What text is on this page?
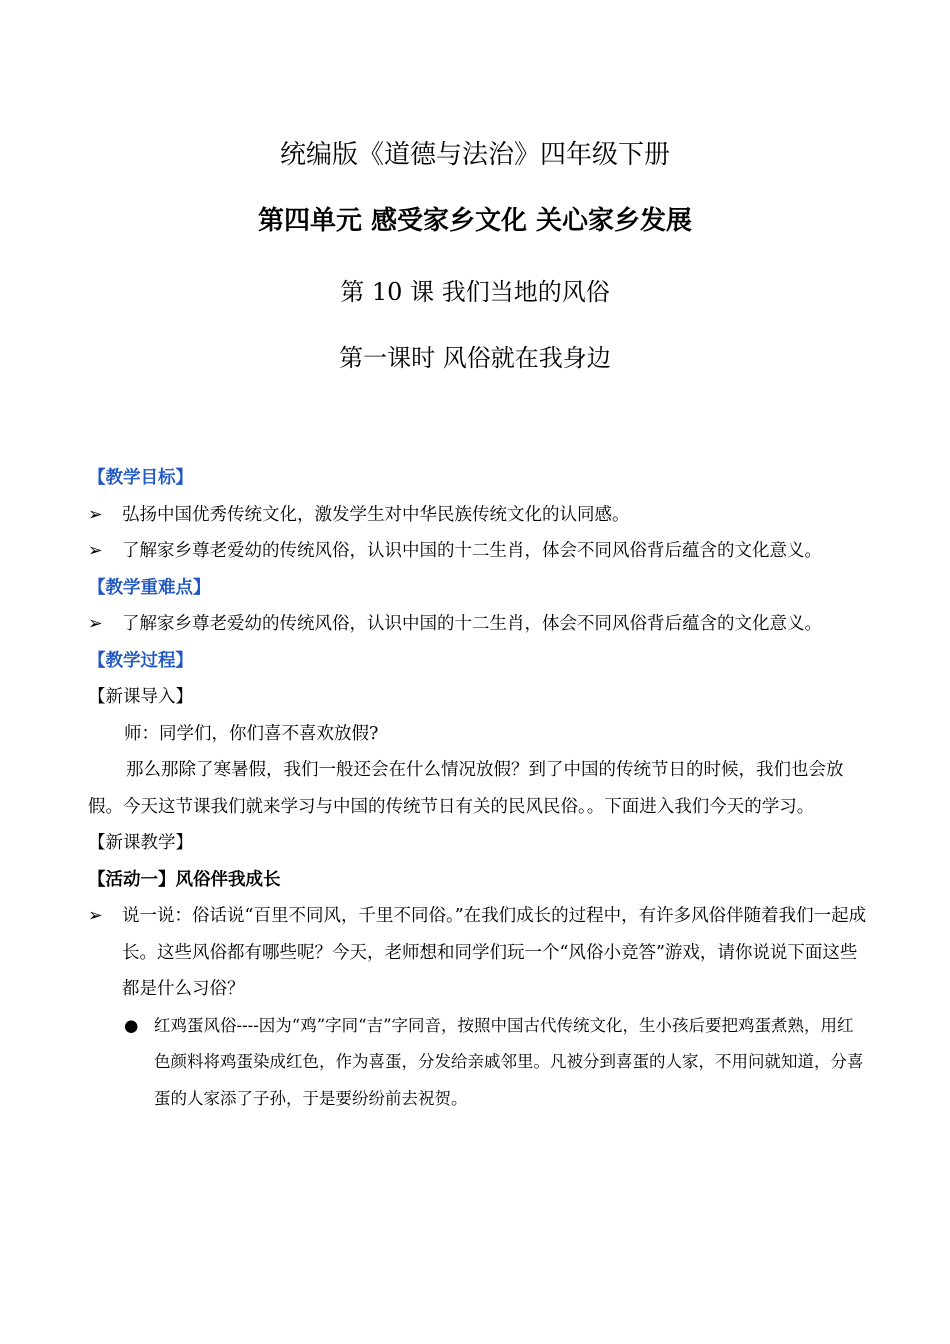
统编版《道德与法治》四年级下册
第四单元 感受家乡文化 关心家乡发展
第 10 课 我们当地的风俗
第一课时 风俗就在我身边
【教学目标】
➢ 弘扬中国优秀传统文化，激发学生对中华民族传统文化的认同感。
➢ 了解家乡尊老爱幼的传统风俗，认识中国的十二生肖，体会不同风俗背后蕴含的文化意义。
【教学重难点】
➢ 了解家乡尊老爱幼的传统风俗，认识中国的十二生肖，体会不同风俗背后蕴含的文化意义。
【教学过程】
【新课导入】
师：同学们，你们喜不喜欢放假?
那么那除了寒暑假，我们一般还会在什么情况放假？到了中国的传统节日的时候，我们也会放假。今天这节课我们就来学习与中国的传统节日有关的民风民俗。。下面进入我们今天的学习。
【新课教学】
【活动一】风俗伴我成长
➢ 说一说：俗话说“百里不同风，千里不同俗。”在我们成长的过程中，有许多风俗伴随着我们一起成长。这些风俗都有哪些呢？今天，老师想和同学们玩一个“风俗小竞答”游戏，请你说说下面这些都是什么习俗？
● 红鸡蛋风俗----因为“鸡”字同“吉”字同音，按照中国古代传统文化，生小孩后要把鸡蛋煮熟，用红色颜料将鸡蛋染成红色，作为喜蛋，分发给亲戚邻里。凡被分到喜蛋的人家，不用问就知道，分喜蛋的人家添了子孙，于是要纷纷前去祝贺。
